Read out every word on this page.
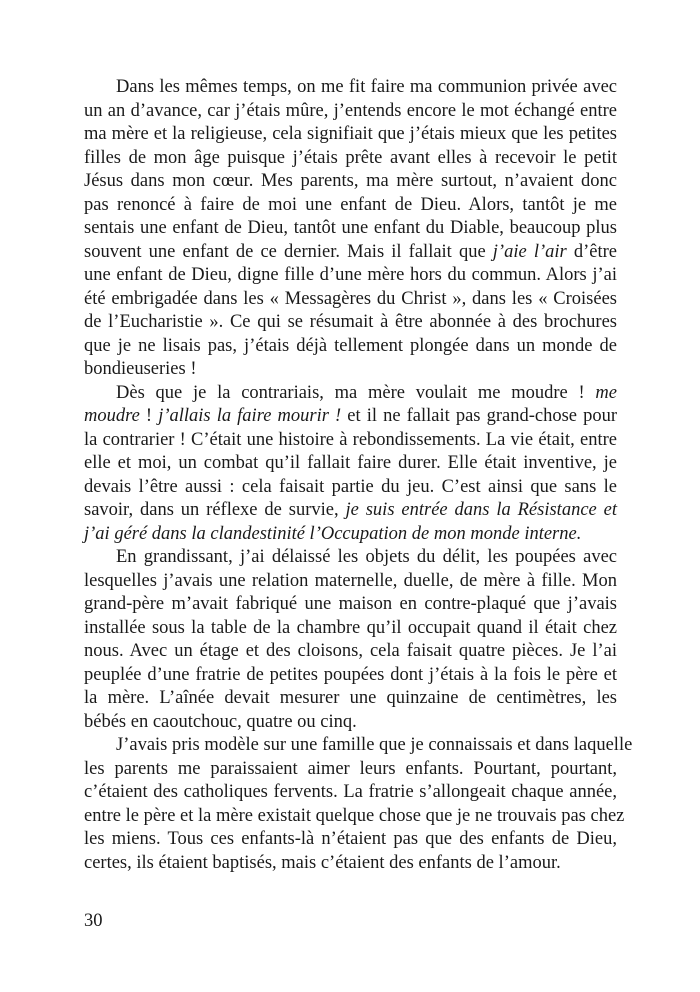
Dans les mêmes temps, on me fit faire ma communion privée avec
un an d’avance, car j’étais mûre, j’entends encore le mot échangé entre
ma mère et la religieuse, cela signifiait que j’étais mieux que les petites
filles de mon âge puisque j’étais prête avant elles à recevoir le petit
Jésus dans mon cœur. Mes parents, ma mère surtout, n’avaient donc
pas renoncé à faire de moi une enfant de Dieu. Alors, tantôt je me
sentais une enfant de Dieu, tantôt une enfant du Diable, beaucoup plus
souvent une enfant de ce dernier. Mais il fallait que j’aie l’air d’être
une enfant de Dieu, digne fille d’une mère hors du commun. Alors j’ai
été embrigadée dans les « Messagères du Christ », dans les « Croisées
de l’Eucharistie ». Ce qui se résumait à être abonnée à des brochures
que je ne lisais pas, j’étais déjà tellement plongée dans un monde de
bondieuseries !
Dès que je la contrariais, ma mère voulait me moudre ! me
moudre ! j’allais la faire mourir ! et il ne fallait pas grand-chose pour
la contrarier ! C’était une histoire à rebondissements. La vie était, entre
elle et moi, un combat qu’il fallait faire durer. Elle était inventive, je
devais l’être aussi : cela faisait partie du jeu. C’est ainsi que sans le
savoir, dans un réflexe de survie, je suis entrée dans la Résistance et
j’ai géré dans la clandestinité l’Occupation de mon monde interne.
En grandissant, j’ai délaissé les objets du délit, les poupées avec
lesquelles j’avais une relation maternelle, duelle, de mère à fille. Mon
grand-père m’avait fabriqué une maison en contre-plaqué que j’avais
installée sous la table de la chambre qu’il occupait quand il était chez
nous. Avec un étage et des cloisons, cela faisait quatre pièces. Je l’ai
peuplée d’une fratrie de petites poupées dont j’étais à la fois le père et
la mère. L’aînée devait mesurer une quinzaine de centimètres, les
bébés en caoutchouc, quatre ou cinq.
J’avais pris modèle sur une famille que je connaissais et dans laquelle
les parents me paraissaient aimer leurs enfants. Pourtant, pourtant,
c’étaient des catholiques fervents. La fratrie s’allongeait chaque année,
entre le père et la mère existait quelque chose que je ne trouvais pas chez
les miens. Tous ces enfants-là n’étaient pas que des enfants de Dieu,
certes, ils étaient baptisés, mais c’étaient des enfants de l’amour.
30
